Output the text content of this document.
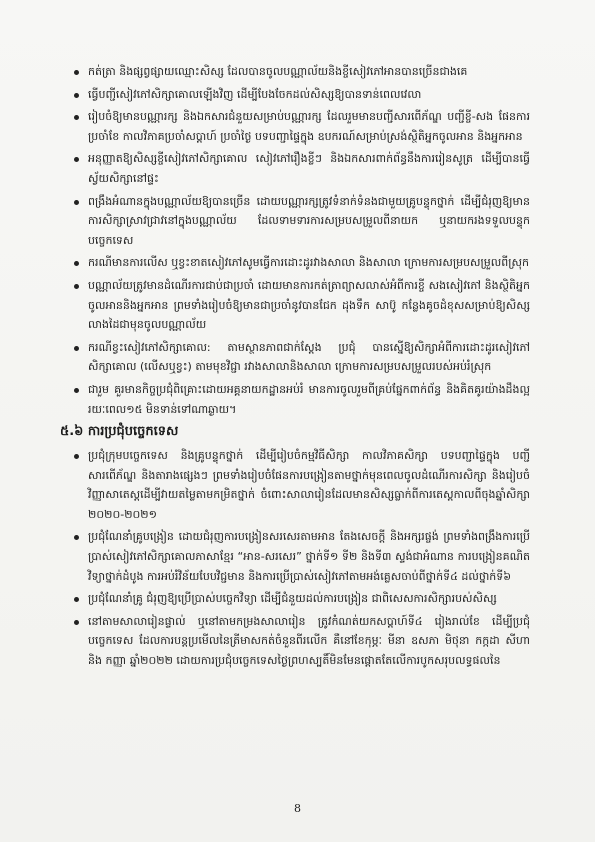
កត់ត្រា និងផ្សព្វផ្សាយឈ្មោះសិស្ស ដែលបានចូលបណ្ណាល័យនិងខ្ចីសៀវភៅអានបានច្រើនជាងគេ
ធ្វើបញ្ជីសៀវភៅសិក្សាគោលឡើងវិញ ដើម្បីបែងចែកដល់សិស្សឱ្យបានទាន់ពេលវេលា
រៀបចំឱ្យមានបណ្ណារក្ស និងឯកសារជំនួយសម្រាប់បណ្ណារក្ស ដែលរួមមានបញ្ជីសារពើភ័ណ្ឌ បញ្ជីខ្ចី-សង ផែនការប្រចាំខែ កាលវិភាគប្រចាំសប្តាហ៍ ប្រចាំថ្ងៃ បទបញ្ជាផ្ទៃក្នុង ឧបករណ៍សម្រាប់ស្រង់ស្ថិតិអ្នកចូលអាន និងអ្នកអាន
អនុញ្ញាតឱ្យសិស្សខ្ចីសៀវភៅសិក្សាគោល សៀវភៅរឿងខ្លីៗ និងឯកសារពាក់ព័ន្ធនឹងការរៀនសូត្រ ដើម្បីបានធ្វើស្វ័យសិក្សានៅផ្ទះ
ពង្រឹងអំណានក្នុងបណ្ណាល័យឱ្យបានច្រើន ដោយបណ្ណារក្សត្រូវទំនាក់ទំនងជាមួយគ្រូបន្ទុកថ្នាក់ ដើម្បីជំរុញឱ្យមានការសិក្សាស្រាវជ្រាវនៅក្នុងបណ្ណាល័យ ដែលទាមទារការសម្របសម្រួលពីនាយក ឬនាយករងទទួលបន្ទុកបច្ចេកទេស
ករណីមានការលើស ឬខ្វះខាតសៀវភៅសូមធ្វើការដោះដូរវាងសាលា និងសាលា ក្រោមការសម្របសម្រួលពីស្រុក
បណ្ណាល័យត្រូវមានដំណើរការជាប់ជាប្រចាំ ដោយមានការកត់ត្រាព្យាសលាស់អំពីការខ្ចី សងសៀវភៅ និងស្ថិតិអ្នកចូលអាននិងអ្នកអាន ព្រមទាំងរៀបចំឱ្យមានជាប្រចាំនូវបានជែក ដុងទឹក សាប៊ូ កន្លែងគូចដំខុសសម្រាប់ឱ្យសិស្សលាងដៃជាមុនចូលបណ្ណាល័យ
ករណីខ្វះសៀវភៅសិក្សាគោល: តាមស្ថានភាពជាក់ស្ដែង ប្រជុំ បានស្នើឱ្យសិក្សាអំពីការដោះដូរសៀវភៅសិក្សាគោល (លើសឬខ្វះ) តាមមុខវិជ្ជា រវាងសាលានិងសាលា ក្រោមការសម្របសម្រួលរបស់អប់រំស្រុក
ជារួម គួរមានកិច្ចប្រជុំពិគ្រោះដោយអគ្គនាយកដ្ឋានអប់រំ មានការចូលរួមពីគ្រប់ផ្នែកពាក់ព័ន្ធ និងគិតគូរយ៉ាងដឹងល្អ រយៈពេល១៥ មិនទាន់ទៅណាឆ្ងាយ។
៥.៦ ការប្រជុំបច្ចេកទេស
ប្រជុំក្រុមបច្ចេកទេស និងគ្រូបន្ទុកថ្នាក់ ដើម្បីរៀបចំកម្មវិធីសិក្សា កាលវិភាគសិក្សា បទបញ្ជាផ្ទៃក្នុង បញ្ជីសារពើភ័ណ្ឌ និងតារាងផ្សេងៗ ព្រមទាំងរៀបចំផែនការបង្រៀនតាមថ្នាក់មុនពេលចូលដំណើរការសិក្សា និងរៀបចំវិញ្ញាសាតេស្តដើម្បីវាយតម្លៃតាមកម្រិតថ្នាក់ ចំពោះសាលារៀនដែលមានសិស្សធ្លាក់ពីការតេស្តកាលពីចុងឆ្នាំសិក្សា ២០២០-២០២១
ប្រជុំណែនាំគ្រូបង្រៀន ដោយជំរុញការបង្រៀនសរសេរតាមអាន តែងសេចក្តី និងអក្សរផ្ចង់ ព្រមទាំងពង្រឹងការប្រើប្រាស់សៀវភៅសិក្សាគោលភាសាខ្មែរ “អាន-សរសេរ” ថ្នាក់ទី១ ទី២ និងទី៣ ស្ទង់ជាអំណាន ការបង្រៀនគណិតវិទ្យាថ្នាក់ដំបូង ការអប់រំវិន័យបែបវិជ្ជមាន និងការប្រើប្រាស់សៀវភៅតាមអង់គ្លេសចាប់ពីថ្នាក់ទី៤ ដល់ថ្នាក់ទី៦
ប្រជុំណែនាំគ្រូ ជំរុញឱ្យប្រើប្រាស់បច្ចេកវិទ្យា ដើម្បីជំនួយដល់ការបង្រៀន ជាពិសេសការសិក្សារបស់សិស្ស
នៅតាមសាលារៀនផ្ទាល់ ឬនៅតាមកម្រងសាលារៀន ត្រូវកំណត់យកសប្តាហ៍ទី៤ រៀងរាល់ខែ ដើម្បីប្រជុំបច្ចេកទេស ដែលការបន្តប្រមើលនៃត្រីមាសកត់ចំនួនពីរលើក គឺនៅខែកុម្ភៈ មីនា ឧសភា មិថុនា កក្កដា សីហា និង កញ្ញា ឆ្នាំ២០២២ ដោយការប្រជុំបច្ចេកទេសថ្ងៃព្រហស្បតិ៍មិនមែនផ្តោតតែលើការបូកសរុបលទ្ធផលនៃ
8
